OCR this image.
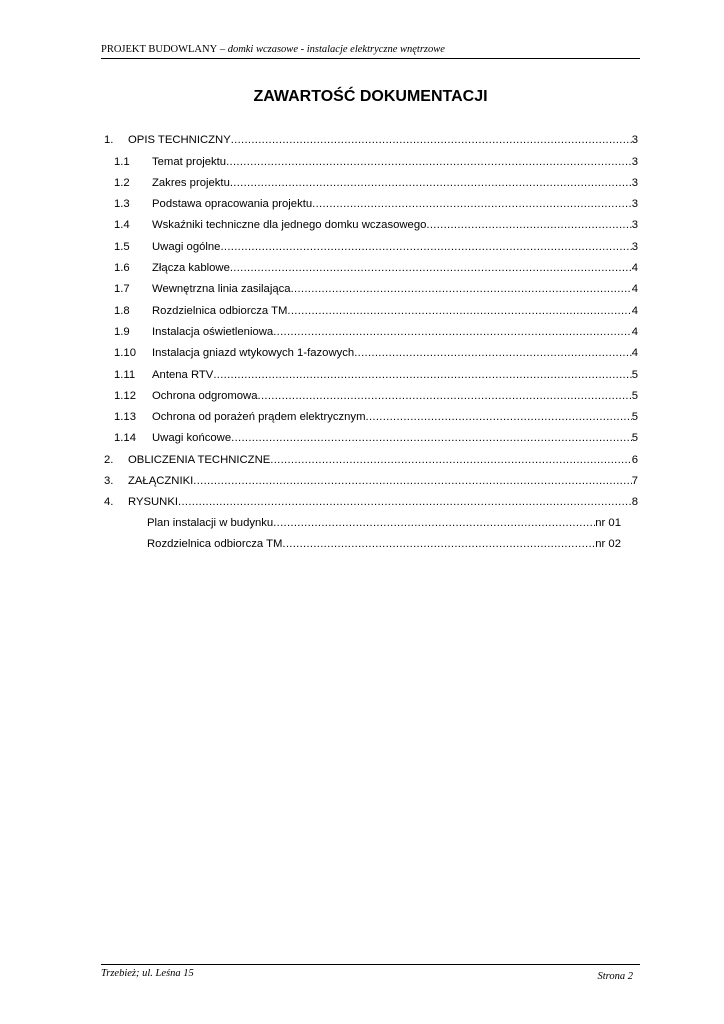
PROJEKT BUDOWLANY – domki wczasowe - instalacje elektryczne wnętrzowe
ZAWARTOŚĆ DOKUMENTACJI
1.	OPIS TECHNICZNY .....	3
1.1	Temat projektu .....	3
1.2	Zakres projektu .....	3
1.3	Podstawa opracowania projektu .....	3
1.4	Wskaźniki techniczne dla jednego domku wczasowego .....	3
1.5	Uwagi ogólne .....	3
1.6	Złącza kablowe .....	4
1.7	Wewnętrzna linia zasilająca .....	4
1.8	Rozdzielnica odbiorcza TM .....	4
1.9	Instalacja oświetleniowa .....	4
1.10	Instalacja gniazd wtykowych 1-fazowych .....	4
1.11	Antena RTV .....	5
1.12	Ochrona odgromowa .....	5
1.13	Ochrona od porażeń prądem elektrycznym .....	5
1.14	Uwagi końcowe .....	5
2.	OBLICZENIA TECHNICZNE .....	6
3.	ZAŁĄCZNIKI .....	7
4.	RYSUNKI .....	8
Plan instalacji w budynku .....	nr 01
Rozdzielnica odbiorcza TM .....	nr 02
Trzebież; ul. Leśna 15	Strona 2
